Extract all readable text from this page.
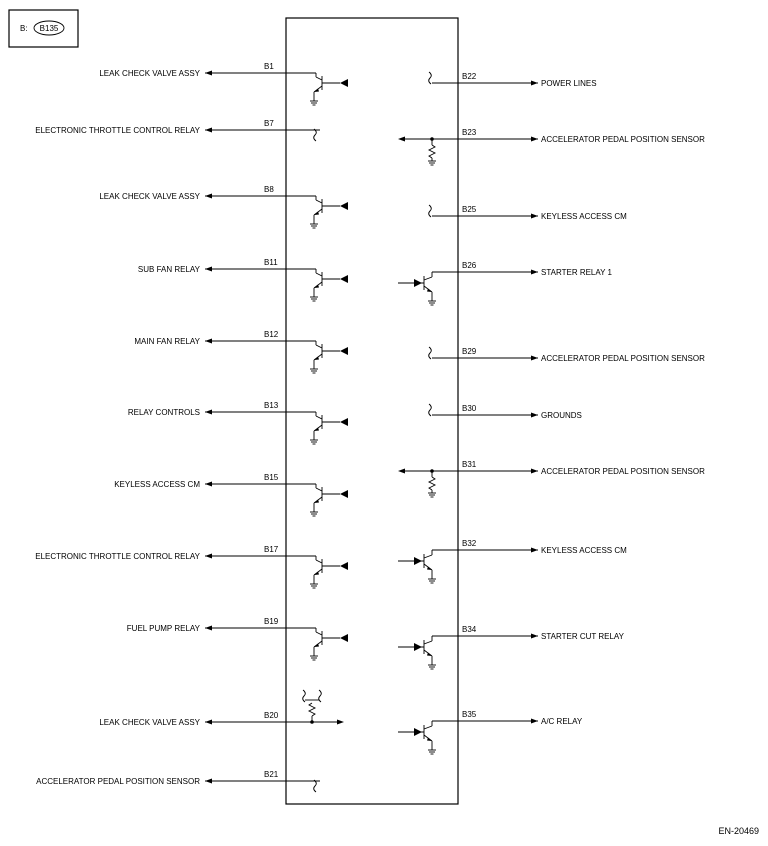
B: B135
LEAK CHECK VALVE ASSY
B1
ELECTRONIC THROTTLE CONTROL RELAY
B7
LEAK CHECK VALVE ASSY
B8
SUB FAN RELAY
B11
MAIN FAN RELAY
B12
RELAY CONTROLS
B13
KEYLESS ACCESS CM
B15
ELECTRONIC THROTTLE CONTROL RELAY
B17
FUEL PUMP RELAY
B19
LEAK CHECK VALVE ASSY
B20
ACCELERATOR PEDAL POSITION SENSOR
B21
POWER LINES
B22
ACCELERATOR PEDAL POSITION SENSOR
B23
KEYLESS ACCESS CM
B25
STARTER RELAY 1
B26
ACCELERATOR PEDAL POSITION SENSOR
B29
GROUNDS
B30
ACCELERATOR PEDAL POSITION SENSOR
B31
KEYLESS ACCESS CM
B32
STARTER CUT RELAY
B34
A/C RELAY
B35
EN-20469
